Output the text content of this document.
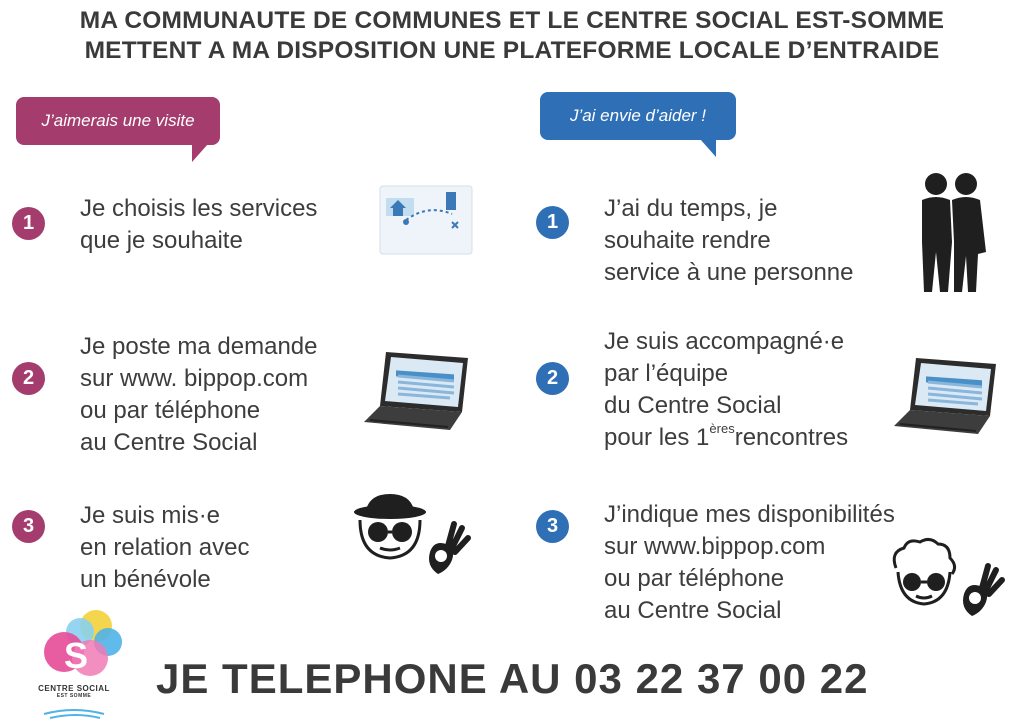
MA COMMUNAUTE DE COMMUNES ET LE CENTRE SOCIAL EST-SOMME
METTENT A MA DISPOSITION UNE PLATEFORME LOCALE D’ENTRAIDE
J’aimerais une visite	J’ai envie d’aider !
1
Je choisis les services
que je souhaite
2
Je poste ma demande
sur www. bippop.com
ou par téléphone
au Centre Social
3	Je suis mis·e
en relation avec
un bénévole
1	J’ai du temps, je
souhaite rendre
service à une personne
2
Je suis accompagné·e
par l’équipe
du Centre Social
pour les 1èresrencontres
3	J’indique mes disponibilités
sur www.bippop.com
ou par téléphone
au Centre Social
S
CENTRE SOCIAL
EST SOMME	JE TELEPHONE AU 03 22 37 00 22
